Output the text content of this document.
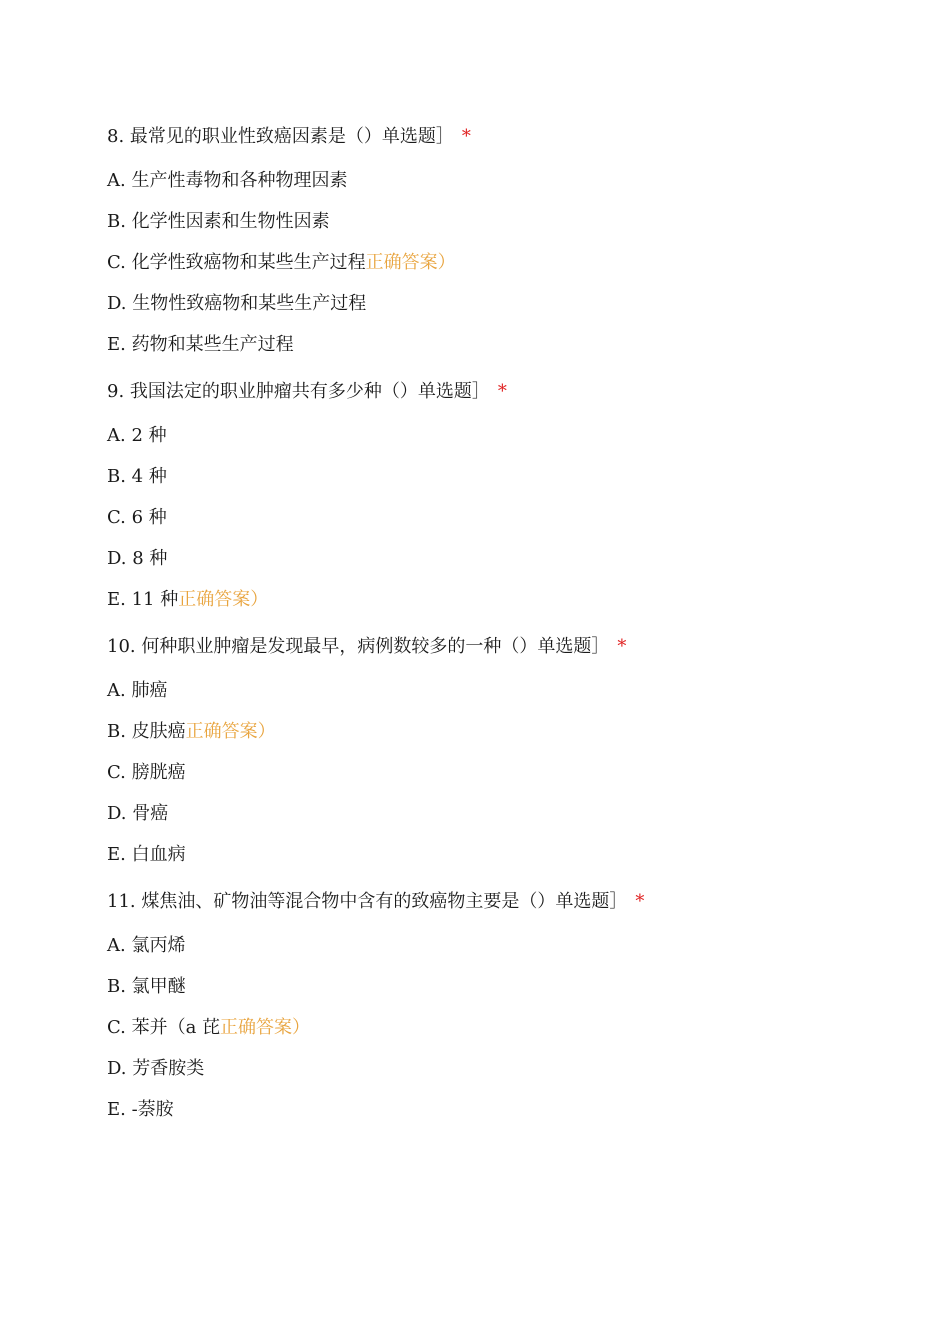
8. 最常见的职业性致癌因素是（）单选题］ *
A. 生产性毒物和各种物理因素
B. 化学性因素和生物性因素
C. 化学性致癌物和某些生产过程正确答案）
D. 生物性致癌物和某些生产过程
E. 药物和某些生产过程
9. 我国法定的职业肿瘤共有多少种（）单选题］ *
A. 2 种
B. 4 种
C. 6 种
D. 8 种
E. 11 种正确答案）
10. 何种职业肿瘤是发现最早，病例数较多的一种（）单选题］ *
A. 肺癌
B. 皮肤癌正确答案）
C. 膀胱癌
D. 骨癌
E. 白血病
11. 煤焦油、矿物油等混合物中含有的致癌物主要是（）单选题］ *
A. 氯丙烯
B. 氯甲醚
C. 苯并（a 芘正确答案）
D. 芳香胺类
E. -萘胺
